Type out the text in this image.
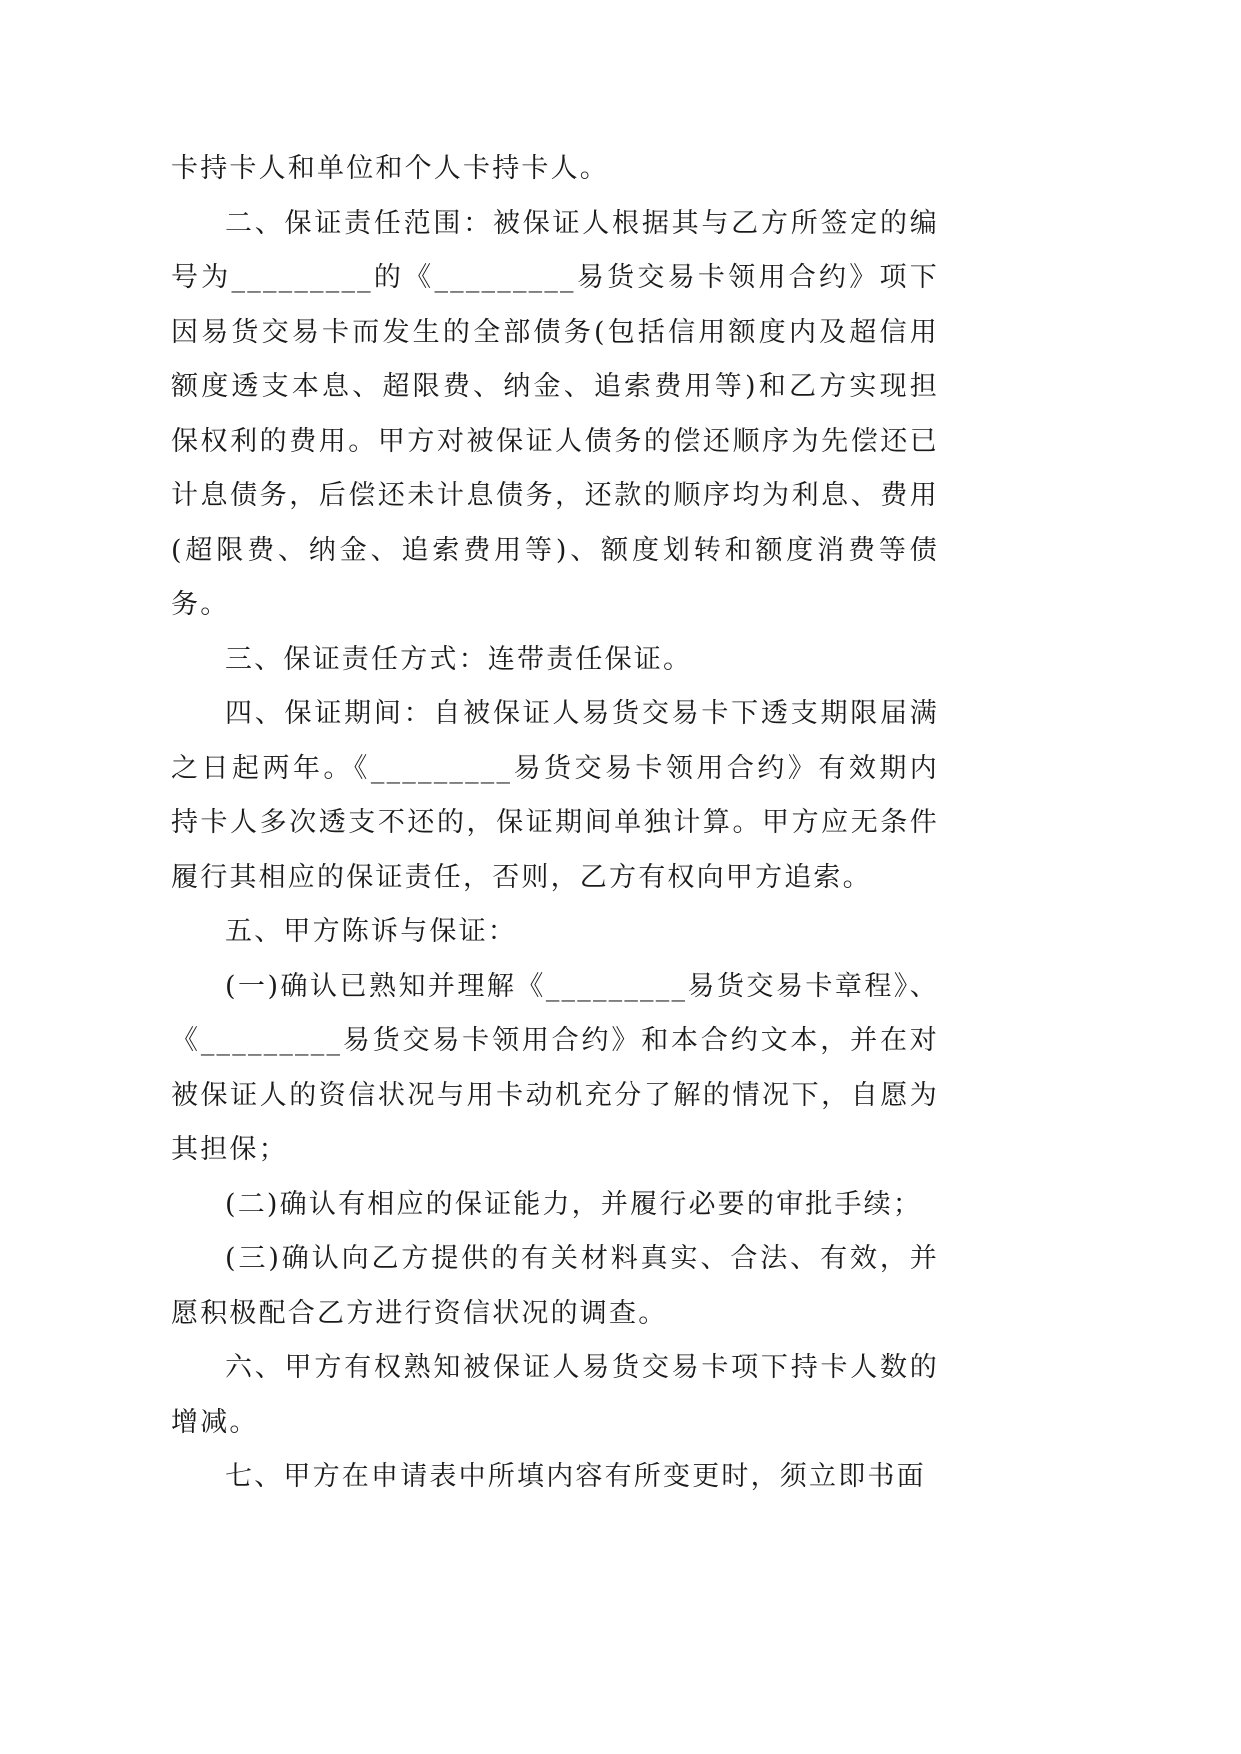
卡持卡人和单位和个人卡持卡人。

二、保证责任范围：被保证人根据其与乙方所签定的编号为_________的《_________易货交易卡领用合约》项下因易货交易卡而发生的全部债务(包括信用额度内及超信用额度透支本息、超限费、纳金、追索费用等)和乙方实现担保权利的费用。甲方对被保证人债务的偿还顺序为先偿还已计息债务，后偿还未计息债务，还款的顺序均为利息、费用(超限费、纳金、追索费用等)、额度划转和额度消费等债务。

三、保证责任方式：连带责任保证。

四、保证期间：自被保证人易货交易卡下透支期限届满之日起两年。《_________易货交易卡领用合约》有效期内持卡人多次透支不还的，保证期间单独计算。甲方应无条件履行其相应的保证责任，否则，乙方有权向甲方追索。

五、甲方陈诉与保证：

(一)确认已熟知并理解《_________易货交易卡章程》、《_________易货交易卡领用合约》和本合约文本，并在对被保证人的资信状况与用卡动机充分了解的情况下，自愿为其担保；

(二)确认有相应的保证能力，并履行必要的审批手续；

(三)确认向乙方提供的有关材料真实、合法、有效，并愿积极配合乙方进行资信状况的调查。

六、甲方有权熟知被保证人易货交易卡项下持卡人数的增减。

七、甲方在申请表中所填内容有所变更时，须立即书面
